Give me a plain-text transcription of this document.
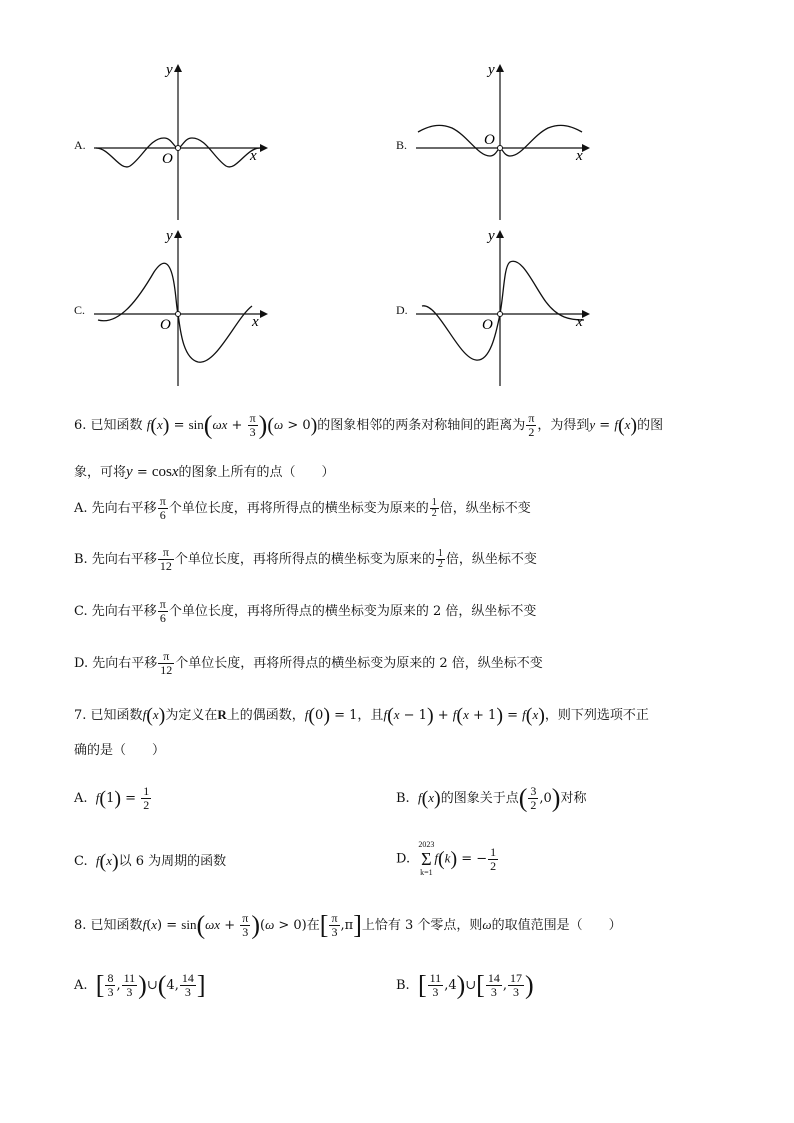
A.
x
y
O
B.
x
y
O
C.
x
y
O
D.
x
y
O
6. 已知函数 $f(x) = \sin(\omega x + \frac{\pi}{3} )(\omega > 0)$的图象相邻的两条对称轴间的距离为 $\frac{\pi}{2}$ ，为得到y = f(x)的图
象，可将y = cosx的图象上所有的点（　　）
A. 先向右平移 $\frac{\pi}{6}$ 个单位长度，再将所得点的横坐标变为原来的 $\frac{1}{2}$ 倍，纵坐标不变
B. 先向右平移 $\frac{\pi}{12}$ 个单位长度，再将所得点的横坐标变为原来的 $\frac{1}{2}$ 倍，纵坐标不变
C. 先向右平移 $\frac{\pi}{6}$ 个单位长度，再将所得点的横坐标变为原来的 2 倍，纵坐标不变
D. 先向右平移 $\frac{\pi}{12}$ 个单位长度，再将所得点的横坐标变为原来的 2 倍，纵坐标不变
7. 已知函数f(x)为定义在R上的偶函数，f(0) = 1，且f(x − 1) + f(x + 1) = f(x)，则下列选项不正
确的是（　　）
A. $f(1) = \frac{1}{2}$	B. f(x)的图象关于点( $\frac{3}{2} ,0$)对称
C. f(x)以 6 为周期的函数	D.
2023
Σ
k=1
f(k) = − $\frac{1}{2}$
8. 已知函数$f(x) = \sin(\omega x + \frac{\pi}{3} )(\omega > 0)$在[ $\frac{\pi}{3} ,\pi$]上恰有 3 个零点，则ω的取值范围是（　　）
A. [ $\frac{8}{3}$ , $\frac{11}{3}$ )∪(4, $\frac{14}{3}$ ]	B. [ $\frac{11}{3}$ ,4)∪[ $\frac{14}{3}$ , $\frac{17}{3}$ )
